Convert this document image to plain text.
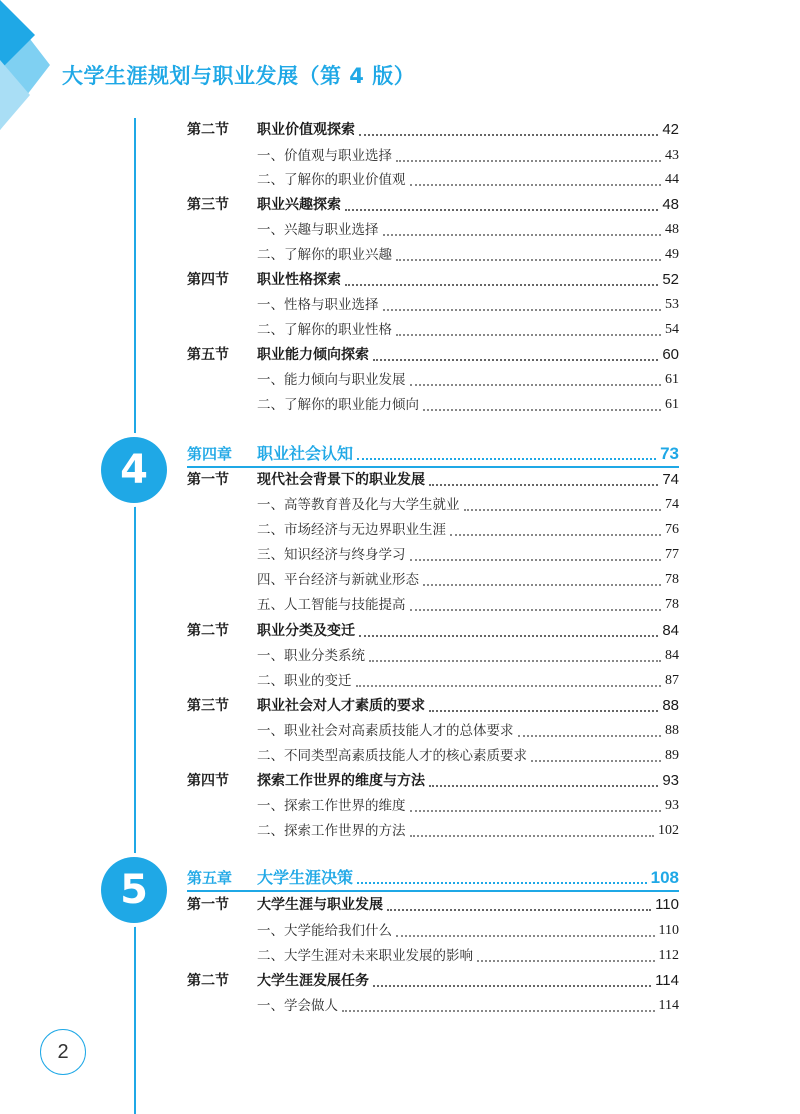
大学生涯规划与职业发展（第 4 版）
4
5
第二节	职业价值观探索	42
一、价值观与职业选择	43
二、了解你的职业价值观	44
第三节	职业兴趣探索	48
一、兴趣与职业选择	48
二、了解你的职业兴趣	49
第四节	职业性格探索	52
一、性格与职业选择	53
二、了解你的职业性格	54
第五节	职业能力倾向探索	60
一、能力倾向与职业发展	61
二、了解你的职业能力倾向	61
第四章	职业社会认知	73
第一节	现代社会背景下的职业发展	74
一、高等教育普及化与大学生就业	74
二、市场经济与无边界职业生涯	76
三、知识经济与终身学习	77
四、平台经济与新就业形态	78
五、人工智能与技能提高	78
第二节	职业分类及变迁	84
一、职业分类系统	84
二、职业的变迁	87
第三节	职业社会对人才素质的要求	88
一、职业社会对高素质技能人才的总体要求	88
二、不同类型高素质技能人才的核心素质要求	89
第四节	探索工作世界的维度与方法	93
一、探索工作世界的维度	93
二、探索工作世界的方法	102
第五章	大学生涯决策	108
第一节	大学生涯与职业发展	110
一、大学能给我们什么	110
二、大学生涯对未来职业发展的影响	112
第二节	大学生涯发展任务	114
一、学会做人	114
2
